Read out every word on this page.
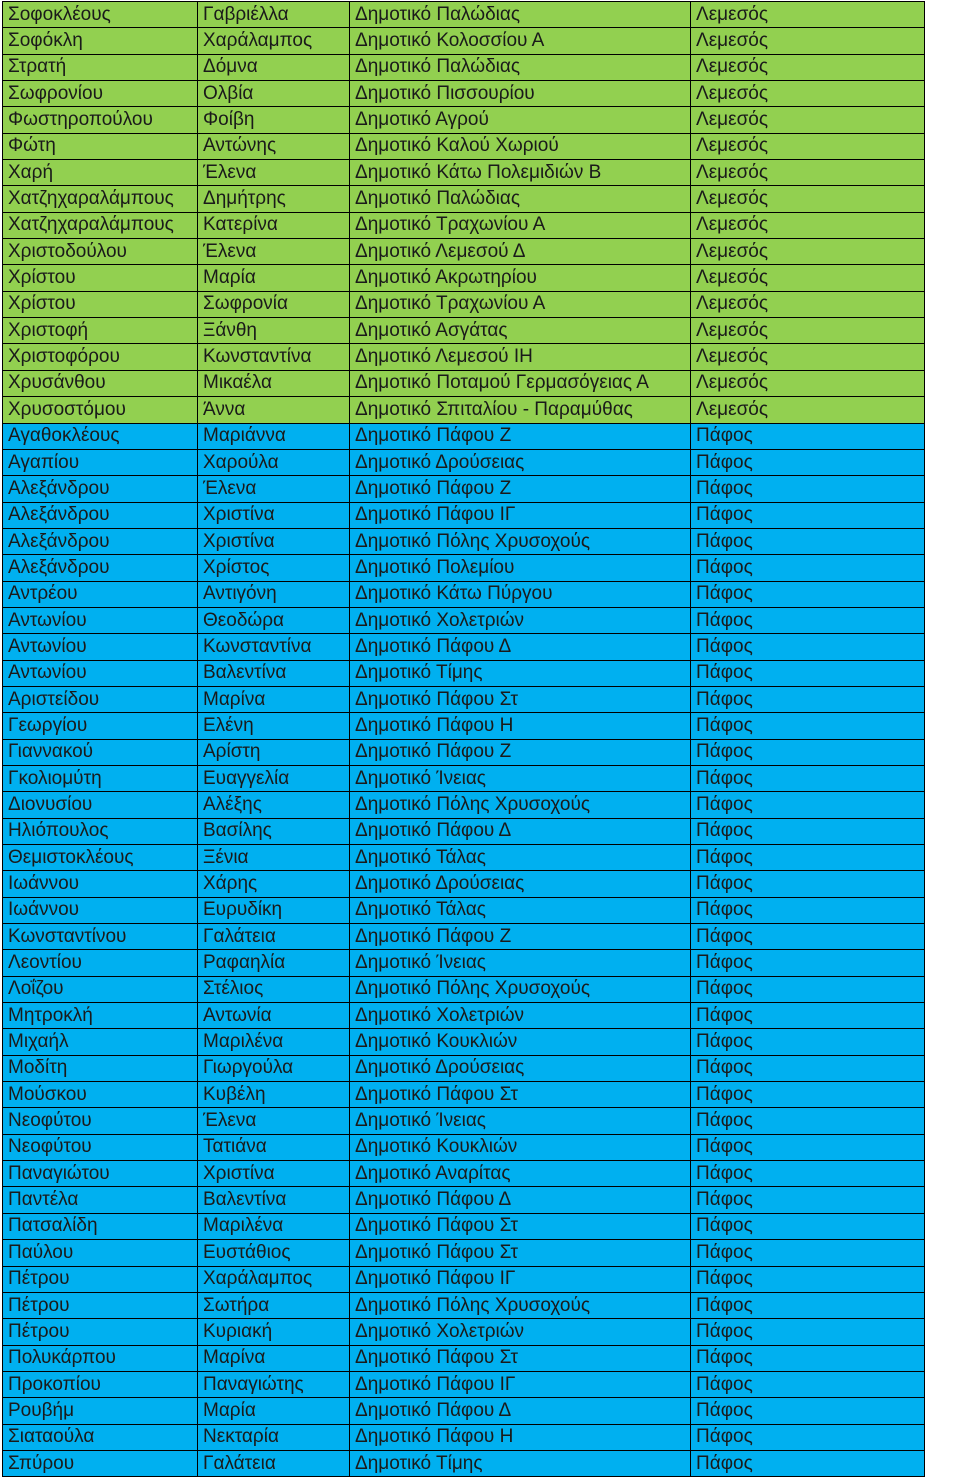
Σοφοκλέους	Γαβριέλλα	Δημοτικό Παλώδιας	Λεμεσός
Σοφόκλη	Χαράλαμπος	Δημοτικό Κολοσσίου Α	Λεμεσός
Στρατή	Δόμνα	Δημοτικό Παλώδιας	Λεμεσός
Σωφρονίου	Ολβία	Δημοτικό Πισσουρίου	Λεμεσός
Φωστηροπούλου	Φοίβη	Δημοτικό Αγρού	Λεμεσός
Φώτη	Αντώνης	Δημοτικό Καλού Χωριού	Λεμεσός
Χαρή	Έλενα	Δημοτικό Κάτω Πολεμιδιών Β	Λεμεσός
Χατζηχαραλάμπους	Δημήτρης	Δημοτικό Παλώδιας	Λεμεσός
Χατζηχαραλάμπους	Κατερίνα	Δημοτικό Τραχωνίου Α	Λεμεσός
Χριστοδούλου	Έλενα	Δημοτικό Λεμεσού Δ	Λεμεσός
Χρίστου	Μαρία	Δημοτικό Ακρωτηρίου	Λεμεσός
Χρίστου	Σωφρονία	Δημοτικό Τραχωνίου Α	Λεμεσός
Χριστοφή	Ξάνθη	Δημοτικό Ασγάτας	Λεμεσός
Χριστοφόρου	Κωνσταντίνα	Δημοτικό Λεμεσού ΙΗ	Λεμεσός
Χρυσάνθου	Μικαέλα	Δημοτικό Ποταμού Γερμασόγειας Α	Λεμεσός
Χρυσοστόμου	Άννα	Δημοτικό Σπιταλίου - Παραμύθας	Λεμεσός
Αγαθοκλέους	Μαριάννα	Δημοτικό Πάφου Ζ	Πάφος
Αγαπίου	Χαρούλα	Δημοτικό Δρούσειας	Πάφος
Αλεξάνδρου	Έλενα	Δημοτικό Πάφου Ζ	Πάφος
Αλεξάνδρου	Χριστίνα	Δημοτικό Πάφου ΙΓ	Πάφος
Αλεξάνδρου	Χριστίνα	Δημοτικό Πόλης Χρυσοχούς	Πάφος
Αλεξάνδρου	Χρίστος	Δημοτικό Πολεμίου	Πάφος
Αντρέου	Αντιγόνη	Δημοτικό Κάτω Πύργου	Πάφος
Αντωνίου	Θεοδώρα	Δημοτικό Χολετριών	Πάφος
Αντωνίου	Κωνσταντίνα	Δημοτικό Πάφου Δ	Πάφος
Αντωνίου	Βαλεντίνα	Δημοτικό Τίμης	Πάφος
Αριστείδου	Μαρίνα	Δημοτικό Πάφου Στ	Πάφος
Γεωργίου	Ελένη	Δημοτικό Πάφου Η	Πάφος
Γιαννακού	Αρίστη	Δημοτικό Πάφου Ζ	Πάφος
Γκολιομύτη	Ευαγγελία	Δημοτικό Ίνειας	Πάφος
Διονυσίου	Αλέξης	Δημοτικό Πόλης Χρυσοχούς	Πάφος
Ηλιόπουλος	Βασίλης	Δημοτικό Πάφου Δ	Πάφος
Θεμιστοκλέους	Ξένια	Δημοτικό Τάλας	Πάφος
Ιωάννου	Χάρης	Δημοτικό Δρούσειας	Πάφος
Ιωάννου	Ευρυδίκη	Δημοτικό Τάλας	Πάφος
Κωνσταντίνου	Γαλάτεια	Δημοτικό Πάφου Ζ	Πάφος
Λεοντίου	Ραφαηλία	Δημοτικό Ίνειας	Πάφος
Λοΐζου	Στέλιος	Δημοτικό Πόλης Χρυσοχούς	Πάφος
Μητροκλή	Αντωνία	Δημοτικό Χολετριών	Πάφος
Μιχαήλ	Μαριλένα	Δημοτικό Κουκλιών	Πάφος
Μοδίτη	Γιωργούλα	Δημοτικό Δρούσειας	Πάφος
Μούσκου	Κυβέλη	Δημοτικό Πάφου Στ	Πάφος
Νεοφύτου	Έλενα	Δημοτικό Ίνειας	Πάφος
Νεοφύτου	Τατιάνα	Δημοτικό Κουκλιών	Πάφος
Παναγιώτου	Χριστίνα	Δημοτικό Αναρίτας	Πάφος
Παντέλα	Βαλεντίνα	Δημοτικό Πάφου Δ	Πάφος
Πατσαλίδη	Μαριλένα	Δημοτικό Πάφου Στ	Πάφος
Παύλου	Ευστάθιος	Δημοτικό Πάφου Στ	Πάφος
Πέτρου	Χαράλαμπος	Δημοτικό Πάφου ΙΓ	Πάφος
Πέτρου	Σωτήρα	Δημοτικό Πόλης Χρυσοχούς	Πάφος
Πέτρου	Κυριακή	Δημοτικό Χολετριών	Πάφος
Πολυκάρπου	Μαρίνα	Δημοτικό Πάφου Στ	Πάφος
Προκοπίου	Παναγιώτης	Δημοτικό Πάφου ΙΓ	Πάφος
Ρουβήμ	Μαρία	Δημοτικό Πάφου Δ	Πάφος
Σιαταούλα	Νεκταρία	Δημοτικό Πάφου Η	Πάφος
Σπύρου	Γαλάτεια	Δημοτικό Τίμης	Πάφος
